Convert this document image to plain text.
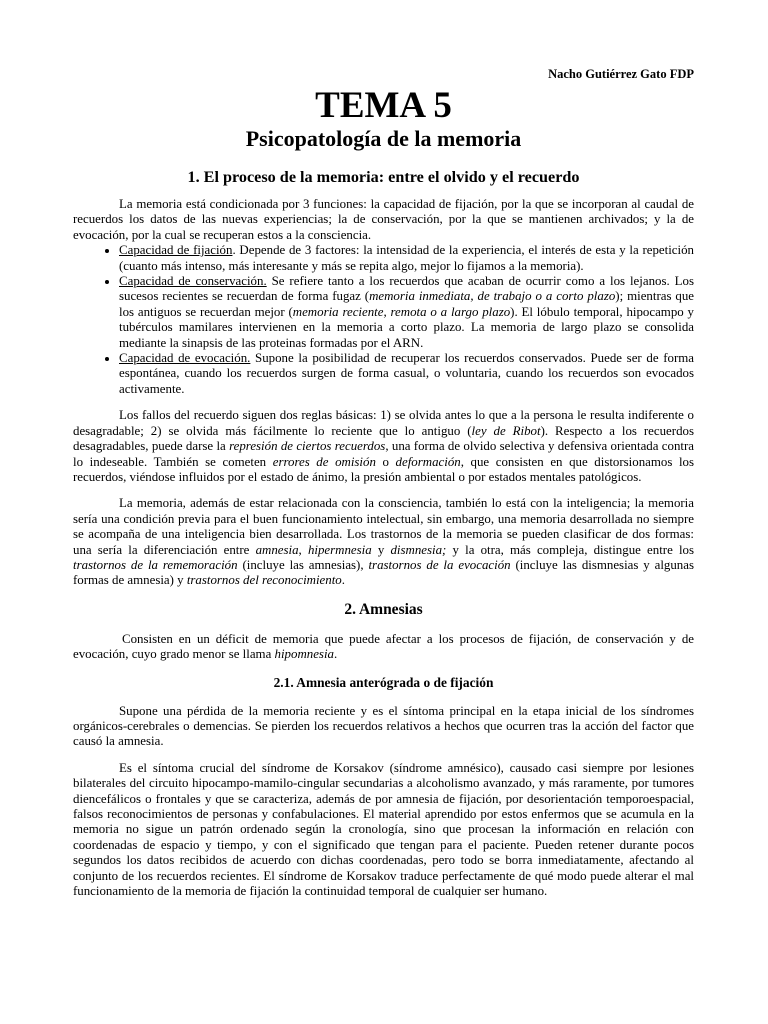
Nacho Gutiérrez Gato FDP
TEMA 5
Psicopatología de la memoria
1. El proceso de la memoria: entre el olvido y el recuerdo

La memoria está condicionada por 3 funciones: la capacidad de fijación, por la que se incorporan al caudal de recuerdos los datos de las nuevas experiencias; la de conservación, por la que se mantienen archivados; y la de evocación, por la cual se recuperan estos a la consciencia.

• Capacidad de fijación. Depende de 3 factores: la intensidad de la experiencia, el interés de esta y la repetición (cuanto más intenso, más interesante y más se repita algo, mejor lo fijamos a la memoria).
• Capacidad de conservación. Se refiere tanto a los recuerdos que acaban de ocurrir como a los lejanos. Los sucesos recientes se recuerdan de forma fugaz (memoria inmediata, de trabajo o a corto plazo); mientras que los antiguos se recuerdan mejor (memoria reciente, remota o a largo plazo). El lóbulo temporal, hipocampo y tubérculos mamilares intervienen en la memoria a corto plazo. La memoria de largo plazo se consolida mediante la sinapsis de las proteinas formadas por el ARN.
• Capacidad de evocación. Supone la posibilidad de recuperar los recuerdos conservados. Puede ser de forma espontánea, cuando los recuerdos surgen de forma casual, o voluntaria, cuando los recuerdos son evocados activamente.

Los fallos del recuerdo siguen dos reglas básicas: 1) se olvida antes lo que a la persona le resulta indiferente o desagradable; 2) se olvida más fácilmente lo reciente que lo antiguo (ley de Ribot). Respecto a los recuerdos desagradables, puede darse la represión de ciertos recuerdos, una forma de olvido selectiva y defensiva orientada contra lo indeseable. También se cometen errores de omisión o deformación, que consisten en que distorsionamos los recuerdos, viéndose influidos por el estado de ánimo, la presión ambiental o por estados mentales patológicos.

La memoria, además de estar relacionada con la consciencia, también lo está con la inteligencia; la memoria sería una condición previa para el buen funcionamiento intelectual, sin embargo, una memoria desarrollada no siempre se acompaña de una inteligencia bien desarrollada. Los trastornos de la memoria se pueden clasificar de dos formas: una sería la diferenciación entre amnesia, hipermnesia y dismnesia; y la otra, más compleja, distingue entre los trastornos de la rememoración (incluye las amnesias), trastornos de la evocación (incluye las dismnesias y algunas formas de amnesia) y trastornos del reconocimiento.

2. Amnesias

Consisten en un déficit de memoria que puede afectar a los procesos de fijación, de conservación y de evocación, cuyo grado menor se llama hipomnesia.

2.1. Amnesia anterógrada o de fijación

Supone una pérdida de la memoria reciente y es el síntoma principal en la etapa inicial de los síndromes orgánicos-cerebrales o demencias. Se pierden los recuerdos relativos a hechos que ocurren tras la acción del factor que causó la amnesia.

Es el síntoma crucial del síndrome de Korsakov (síndrome amnésico), causado casi siempre por lesiones bilaterales del circuito hipocampo-mamilo-cingular secundarias a alcoholismo avanzado, y más raramente, por tumores diencefálicos o frontales y que se caracteriza, además de por amnesia de fijación, por desorientación temporoespacial, falsos reconocimientos de personas y confabulaciones. El material aprendido por estos enfermos que se acumula en la memoria no sigue un patrón ordenado según la cronología, sino que procesan la información en relación con coordenadas de espacio y tiempo, y con el significado que tengan para el paciente. Pueden retener durante pocos segundos los datos recibidos de acuerdo con dichas coordenadas, pero todo se borra inmediatamente, afectando al conjunto de los recuerdos recientes. El síndrome de Korsakov traduce perfectamente de qué modo puede alterar el mal funcionamiento de la memoria de fijación la continuidad temporal de cualquier ser humano.
